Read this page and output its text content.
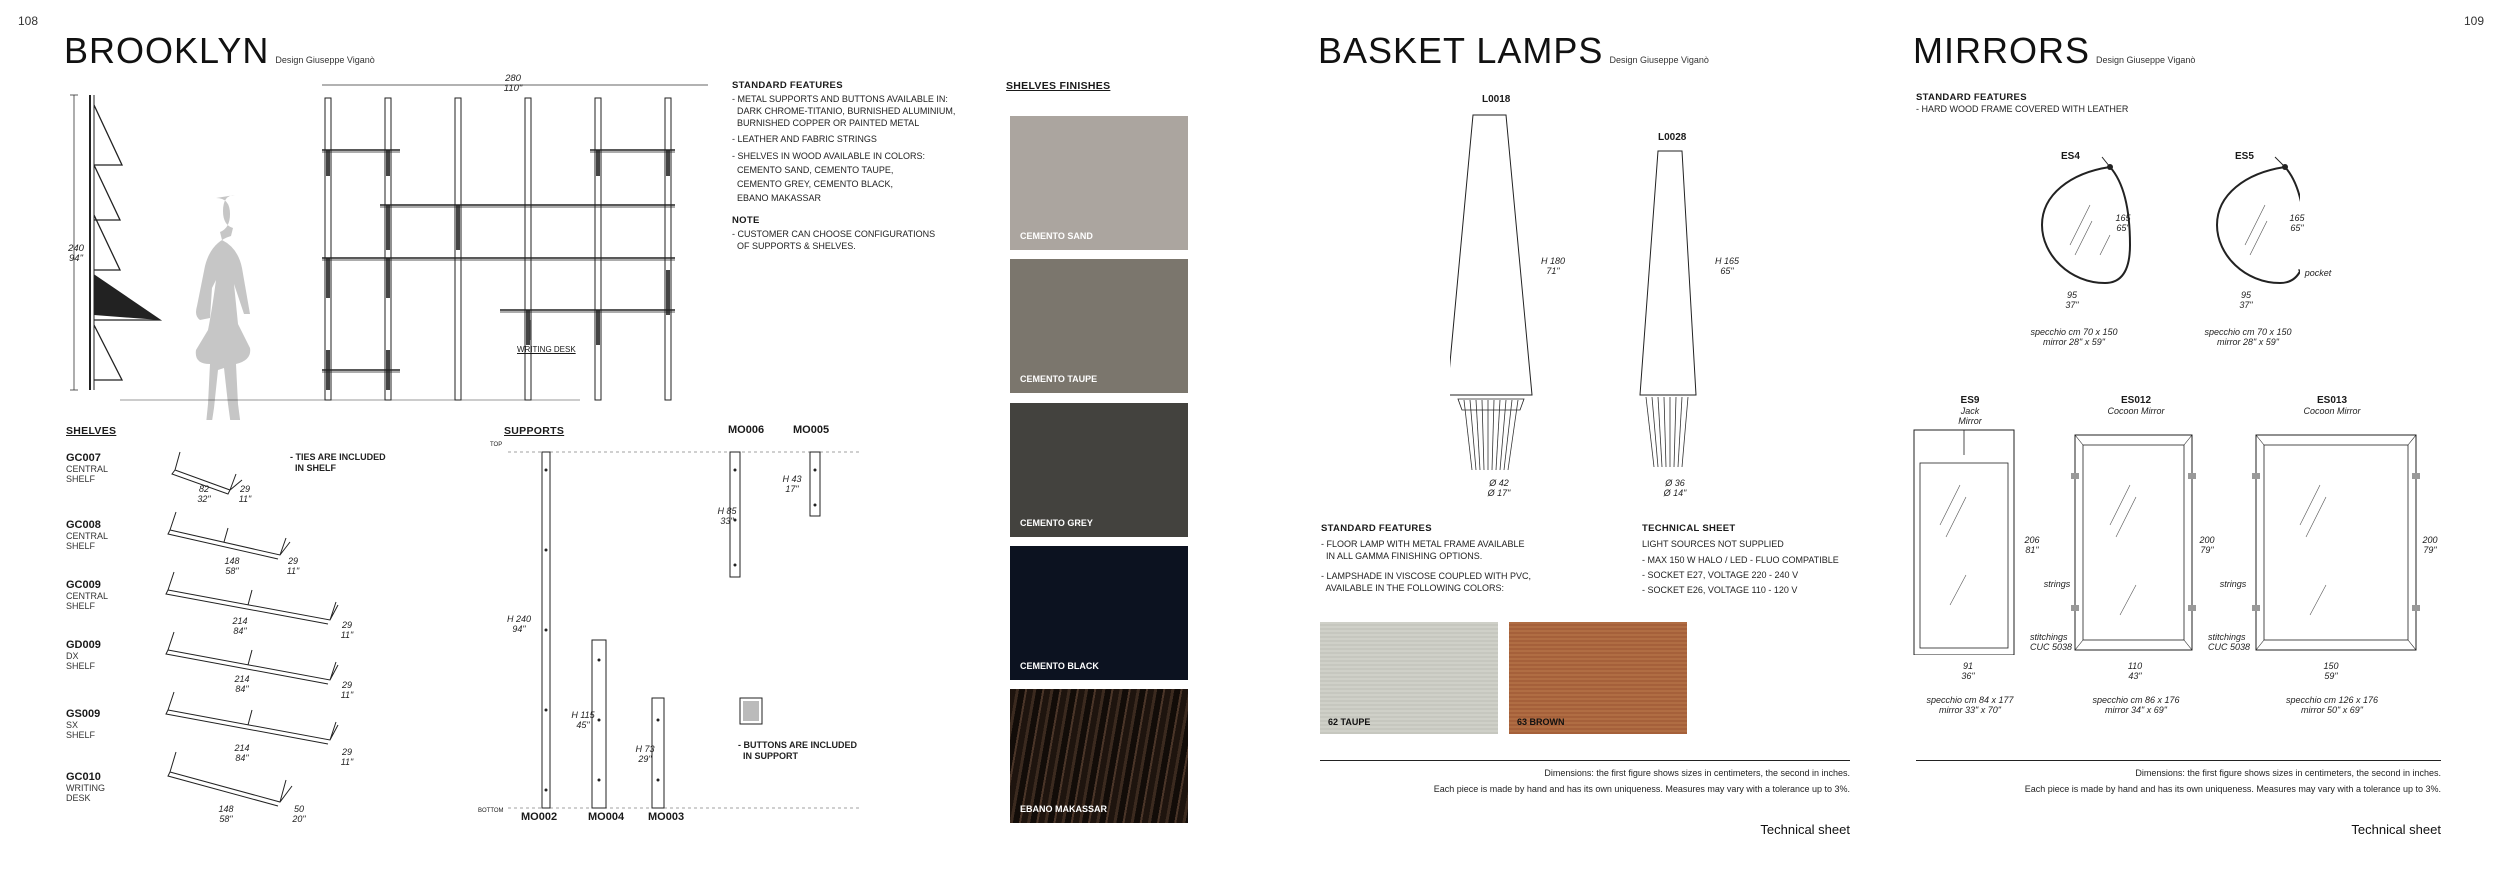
108
BROOKLYN Design Giuseppe Viganò
280
110"
240
94"
WRITING DESK
STANDARD FEATURES
- METAL SUPPORTS AND BUTTONS AVAILABLE IN:
DARK CHROME-TITANIO, BURNISHED ALUMINIUM,
BURNISHED COPPER OR PAINTED METAL
- LEATHER AND FABRIC STRINGS
- SHELVES IN WOOD AVAILABLE IN COLORS:
CEMENTO SAND, CEMENTO TAUPE,
CEMENTO GREY, CEMENTO BLACK,
EBANO MAKASSAR
NOTE
- CUSTOMER CAN CHOOSE CONFIGURATIONS
OF SUPPORTS & SHELVES.
SHELVES FINISHES
CEMENTO SAND
CEMENTO TAUPE
CEMENTO GREY
CEMENTO BLACK
EBANO MAKASSAR
SHELVES
GC007
CENTRAL SHELF
GC008
CENTRAL SHELF
GC009
CENTRAL SHELF
GD009
DX SHELF
GS009
SX SHELF
GC010
WRITING DESK
82
32"
29
11"
148
58"
29
11"
214
84"
29
11"
214
84"	29
11"
214
84"
29
11"
148
58"
50
20"
- TIES ARE INCLUDED
IN SHELF
SUPPORTS
TOP
BOTTOM
H 240
94"
H 115
45"
H 73
29"
H 85
33"
H 43
17"
MO002	MO004 MO003
MO006	MO005
- BUTTONS ARE INCLUDED
IN SUPPORT
BASKET LAMPS Design Giuseppe Viganò
L0018
L0028
H 180
71"
H 165
65"
Ø 42
Ø 17"
Ø 36
Ø 14"
STANDARD FEATURES
- FLOOR LAMP WITH METAL FRAME AVAILABLE
IN ALL GAMMA FINISHING OPTIONS.
- LAMPSHADE IN VISCOSE COUPLED WITH PVC,
AVAILABLE IN THE FOLLOWING COLORS:
TECHNICAL SHEET
LIGHT SOURCES NOT SUPPLIED
- MAX 150 W HALO / LED - FLUO COMPATIBLE
- SOCKET E27, VOLTAGE 220 - 240 V
- SOCKET E26, VOLTAGE 110 - 120 V
62 TAUPE	63 BROWN
Dimensions: the first figure shows sizes in centimeters, the second in inches.
Each piece is made by hand and has its own uniqueness. Measures may vary with a tolerance up to 3%.
Technical sheet
109
MIRRORS Design Giuseppe Viganò
STANDARD FEATURES
- HARD WOOD FRAME COVERED WITH LEATHER
ES4	ES5
165
65"
165
65"
95
37"
95
37"
specchio cm 70 x 150
mirror 28" x 59"
specchio cm 70 x 150
mirror 28" x 59"
pocket
ES9
Jack Mirror
ES012
Cocoon Mirror
ES013
Cocoon Mirror
206
81"
200
79"
200
79"
91
36"
110
43"
150
59"
specchio cm 84 x 177
mirror 33" x 70"
specchio cm 86 x 176
mirror 34" x 69"
specchio cm 126 x 176
mirror 50" x 69"
strings	strings
stitchings
CUC 5038
stitchings
CUC 5038
Dimensions: the first figure shows sizes in centimeters, the second in inches.
Each piece is made by hand and has its own uniqueness. Measures may vary with a tolerance up to 3%.
Technical sheet
